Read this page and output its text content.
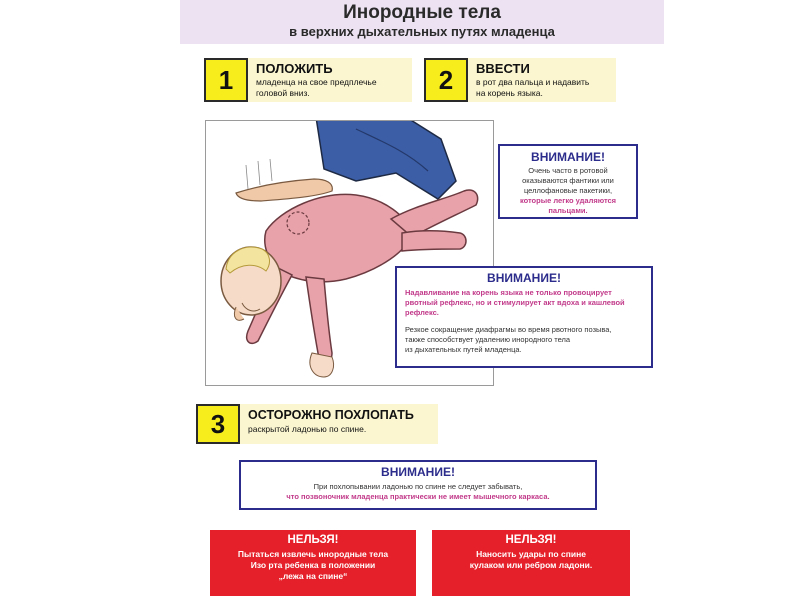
Инородные тела
в верхних дыхательных путях младенца
1	ПОЛОЖИТЬ
младенца на свое предплечье
головой вниз.	2	ВВЕСТИ
в рот два пальца и надавить
на корень языка.
ВНИМАНИЕ!
Очень часто в ротовой
оказываются фантики или
целлофановые пакетики,
которые легко удаляются
пальцами.
ВНИМАНИЕ!
Надавливание на корень языка не только провоцирует
рвотный рефлекс, но и стимулирует акт вдоха и кашлевой
рефлекс.
Резкое сокращение диафрагмы во время рвотного позыва,
также способствует удалению инородного тела
из дыхательных путей младенца.
3	ОСТОРОЖНО ПОХЛОПАТЬ
раскрытой ладонью по спине.
ВНИМАНИЕ!
При похлопывании ладонью по спине не следует забывать,
что позвоночник младенца практически не имеет мышечного каркаса.
НЕЛЬЗЯ!
Пытаться извлечь инородные тела
Изо рта ребенка в положении
„лежа на спине“
НЕЛЬЗЯ!
Наносить удары по спине
кулаком или ребром ладони.
